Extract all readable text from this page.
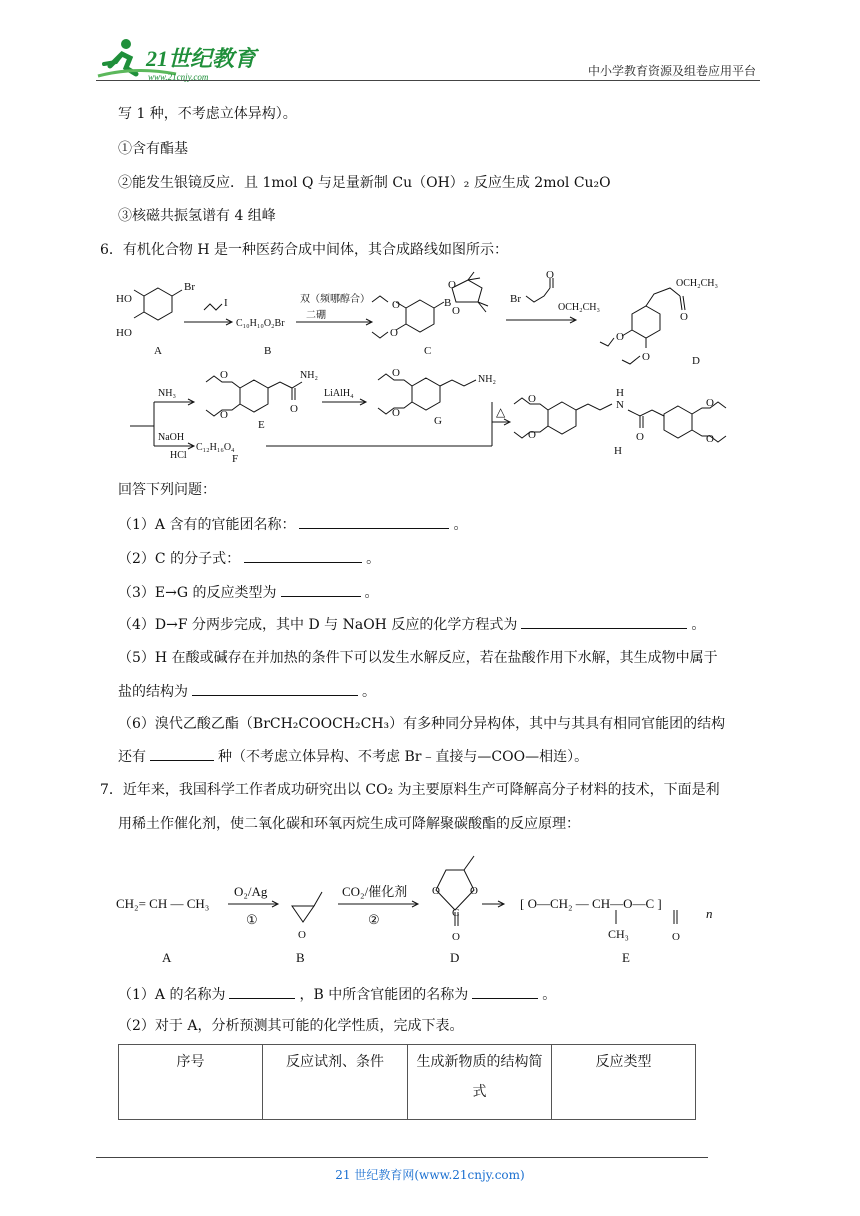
21世纪教育
www.21cnjy.com	中小学教育资源及组卷应用平台
写 1 种，不考虑立体异构）。
①含有酯基
②能发生银镜反应．且 1mol Q 与足量新制 Cu（OH）₂ 反应生成 2mol Cu₂O
③核磁共振氢谱有 4 组峰
6．有机化合物 H 是一种医药合成中间体，其合成路线如图所示：
HO
HO
Br
A
I
C₁₀H₁₀O₂Br
B
双（频哪醇合）
二硼
O
O
B
O
O
C
Br
O
OCH₂CH₃
OCH₂CH₃
O
O
O	D
NH₃
NaOH
HCl
C₁₂H₁₆O₄
F
O
O
NH₂
O
E
LiAlH₄
O
O
NH₂
G
△
O
O
N
H
O
O
O
H
回答下列问题：
（1）A 含有的官能团名称：	。
（2）C 的分子式：	。
（3）E→G 的反应类型为	。
（4）D→F 分两步完成，其中 D 与 NaOH 反应的化学方程式为	。
（5）H 在酸或碱存在并加热的条件下可以发生水解反应，若在盐酸作用下水解，其生成物中属于
盐的结构为	。
（6）溴代乙酸乙酯（BrCH₂COOCH₂CH₃）有多种同分异构体，其中与其具有相同官能团的结构
还有	种（不考虑立体异构、不考虑 Br﹣直接与—COO—相连）。
7．近年来，我国科学工作者成功研究出以 CO₂ 为主要原料生产可降解高分子材料的技术，下面是利
用稀土作催化剂，使二氧化碳和环氧丙烷生成可降解聚碳酸酯的反应原理：
CH₂= CH — CH₃
O₂/Ag
①
O
CO₂/催化剂
②
O	O
C
O
[ O—CH₂ — CH—O—C ]
CH₃	O
n
A	B	D	E
（1）A 的名称为	，B 中所含官能团的名称为	。
（2）对于 A，分析预测其可能的化学性质，完成下表。
序号	反应试剂、条件	生成新物质的结构简式	反应类型
21 世纪教育网(www.21cnjy.com)
